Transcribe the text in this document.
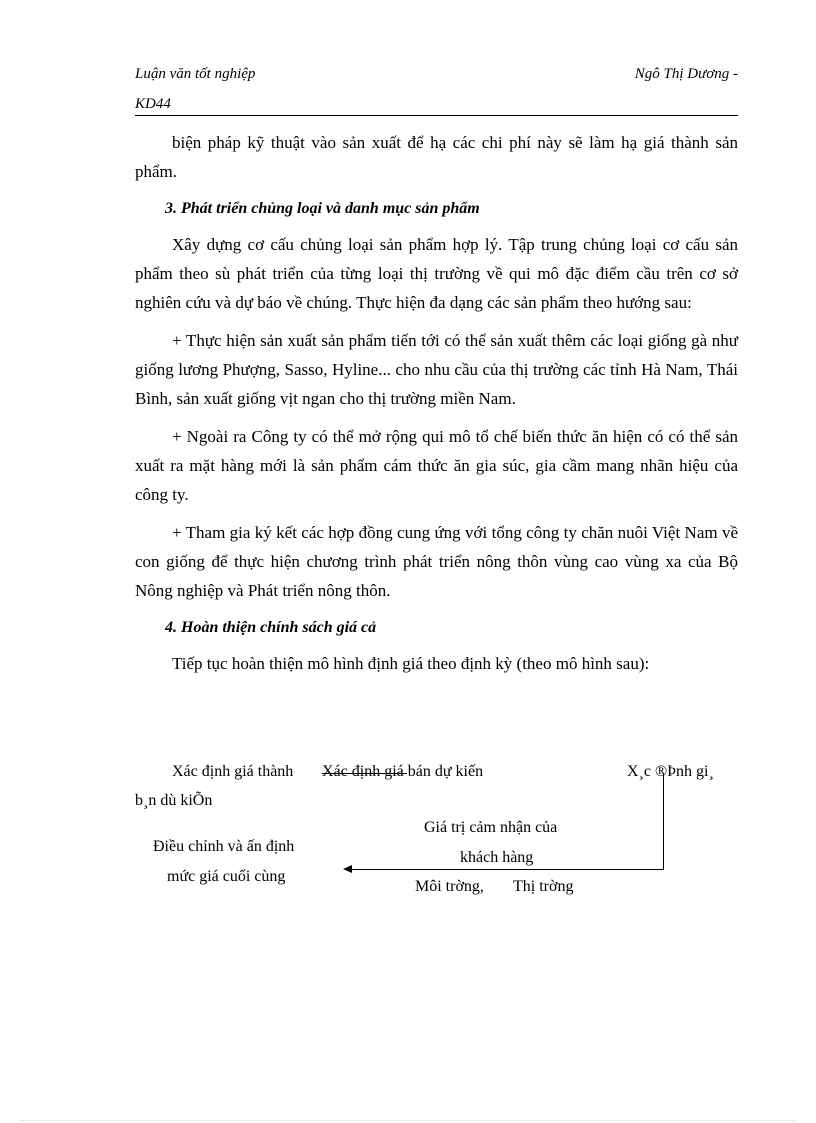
Luận văn tốt nghiệp	Ngô Thị Dương -
KD44

biện pháp kỹ thuật vào sản xuất để hạ các chi phí này sẽ làm hạ giá thành sản phẩm.

3. Phát triển chủng loại và danh mục sản phẩm

Xây dựng cơ cấu chủng loại sản phẩm hợp lý. Tập trung chủng loại cơ cấu sản phẩm theo sù phát triển của từng loại thị trường về qui mô đặc điểm cầu trên cơ sở nghiên cứu và dự báo về chúng. Thực hiện đa dạng các sản phẩm theo hướng sau:

+ Thực hiện sản xuất sản phẩm tiến tới có thể sản xuất thêm các loại giống gà như giống lương Phượng, Sasso, Hyline... cho nhu cầu của thị trường các tỉnh Hà Nam, Thái Bình, sản xuất giống vịt ngan cho thị trường miền Nam.

+ Ngoài ra Công ty có thể mở rộng qui mô tổ chế biến thức ăn hiện có có thể sản xuất ra mặt hàng mới là sản phẩm cám thức ăn gia súc, gia cầm mang nhãn hiệu của công ty.

+ Tham gia ký kết các hợp đồng cung ứng với tổng công ty chăn nuôi Việt Nam về con giống để thực hiện chương trình phát triển nông thôn vùng cao vùng xa của Bộ Nông nghiệp và Phát triển nông thôn.

4. Hoàn thiện chính sách giá cả

Tiếp tục hoàn thiện mô hình định giá theo định kỳ (theo mô hình sau):

Xác định giá thành Xác định giá bán dự kiến	X¸c ®Þnh gi¸
b¸n dù kiÕn
Giá trị cảm nhận của
khách hàng
Điều chỉnh và ấn định
mức giá cuối cùng
Môi trờng, Thị trờng
